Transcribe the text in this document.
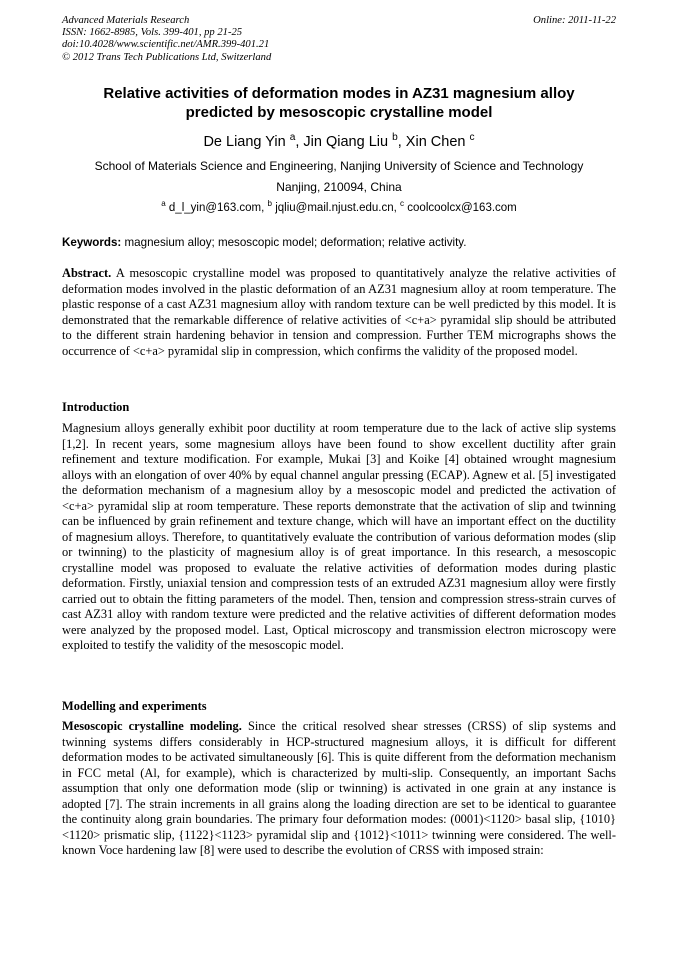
Advanced Materials Research
ISSN: 1662-8985, Vols. 399-401, pp 21-25
doi:10.4028/www.scientific.net/AMR.399-401.21
© 2012 Trans Tech Publications Ltd, Switzerland
Online: 2011-11-22
Relative activities of deformation modes in AZ31 magnesium alloy
predicted by mesoscopic crystalline model
De Liang Yin $^a$, Jin Qiang Liu $^b$, Xin Chen $^c$
School of Materials Science and Engineering, Nanjing University of Science and Technology
Nanjing, 210094, China
$^a$ d_l_yin@163.com, $^b$ jqliu@mail.njust.edu.cn, $^c$ coolcoolcx@163.com
Keywords: magnesium alloy; mesoscopic model; deformation; relative activity.
Abstract. A mesoscopic crystalline model was proposed to quantitatively analyze the relative activities of deformation modes involved in the plastic deformation of an AZ31 magnesium alloy at room temperature. The plastic response of a cast AZ31 magnesium alloy with random texture can be well predicted by this model. It is demonstrated that the remarkable difference of relative activities of <c+a> pyramidal slip should be attributed to the different strain hardening behavior in tension and compression. Further TEM micrographs shows the occurrence of <c+a> pyramidal slip in compression, which confirms the validity of the proposed model.
Introduction
Magnesium alloys generally exhibit poor ductility at room temperature due to the lack of active slip systems [1,2]. In recent years, some magnesium alloys have been found to show excellent ductility after grain refinement and texture modification. For example, Mukai [3] and Koike [4] obtained wrought magnesium alloys with an elongation of over 40% by equal channel angular pressing (ECAP). Agnew et al. [5] investigated the deformation mechanism of a magnesium alloy by a mesoscopic model and predicted the activation of <c+a> pyramidal slip at room temperature. These reports demonstrate that the activation of slip and twinning can be influenced by grain refinement and texture change, which will have an important effect on the ductility of magnesium alloys. Therefore, to quantitatively evaluate the contribution of various deformation modes (slip or twinning) to the plasticity of magnesium alloy is of great importance. In this research, a mesoscopic crystalline model was proposed to evaluate the relative activities of deformation modes during plastic deformation. Firstly, uniaxial tension and compression tests of an extruded AZ31 magnesium alloy were firstly carried out to obtain the fitting parameters of the model. Then, tension and compression stress-strain curves of cast AZ31 alloy with random texture were predicted and the relative activities of different deformation modes were analyzed by the proposed model. Last, Optical microscopy and transmission electron microscopy were exploited to testify the validity of the mesoscopic model.
Modelling and experiments
Mesoscopic crystalline modeling. Since the critical resolved shear stresses (CRSS) of slip systems and twinning systems differs considerably in HCP-structured magnesium alloys, it is difficult for different deformation modes to be activated simultaneously [6]. This is quite different from the deformation mechanism in FCC metal (Al, for example), which is characterized by multi-slip. Consequently, an important Sachs assumption that only one deformation mode (slip or twinning) is activated in one grain at any instance is adopted [7]. The strain increments in all grains along the loading direction are set to be identical to guarantee the continuity along grain boundaries. The primary four deformation modes: (0001)<1120> basal slip, {1010}<1120> prismatic slip, {1122}<1123> pyramidal slip and {1012}<1011> twinning were considered. The well-known Voce hardening law [8] were used to describe the evolution of CRSS with imposed strain:
